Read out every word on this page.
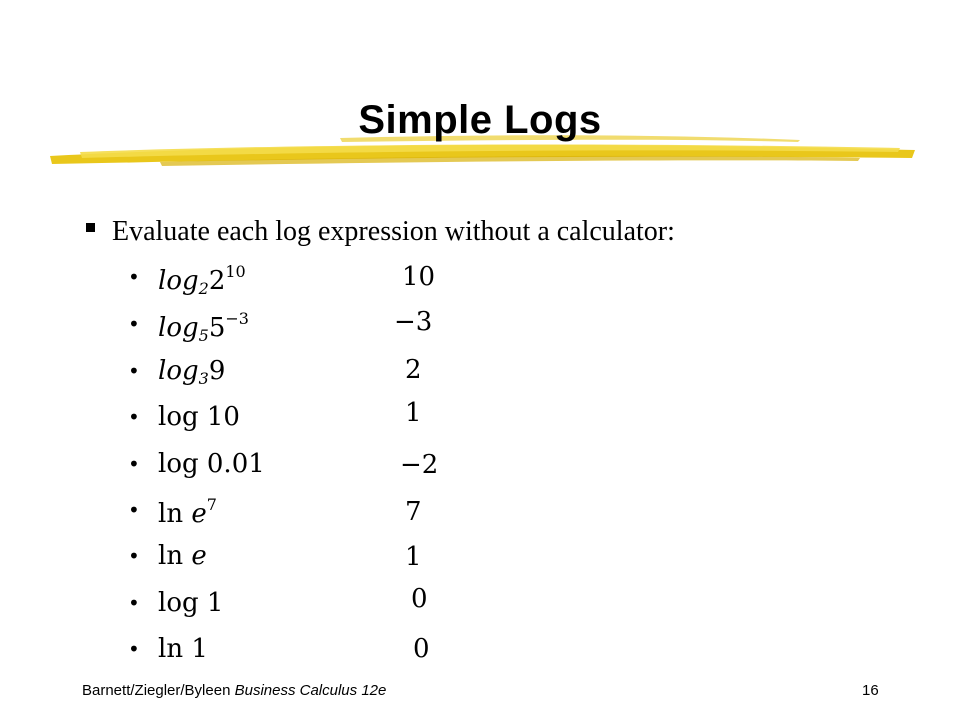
Simple Logs
Evaluate each log expression without a calculator:
• $\log_22^{10}$	10
• $\log_55^{-3}$	−3
• $\log_39$	2
• log 10	1
• log 0.01	−2
• $\ln e^7$	7
• ln e	1
• log 1	0
• ln 1	0
Barnett/Ziegler/Byleen Business Calculus 12e	16
